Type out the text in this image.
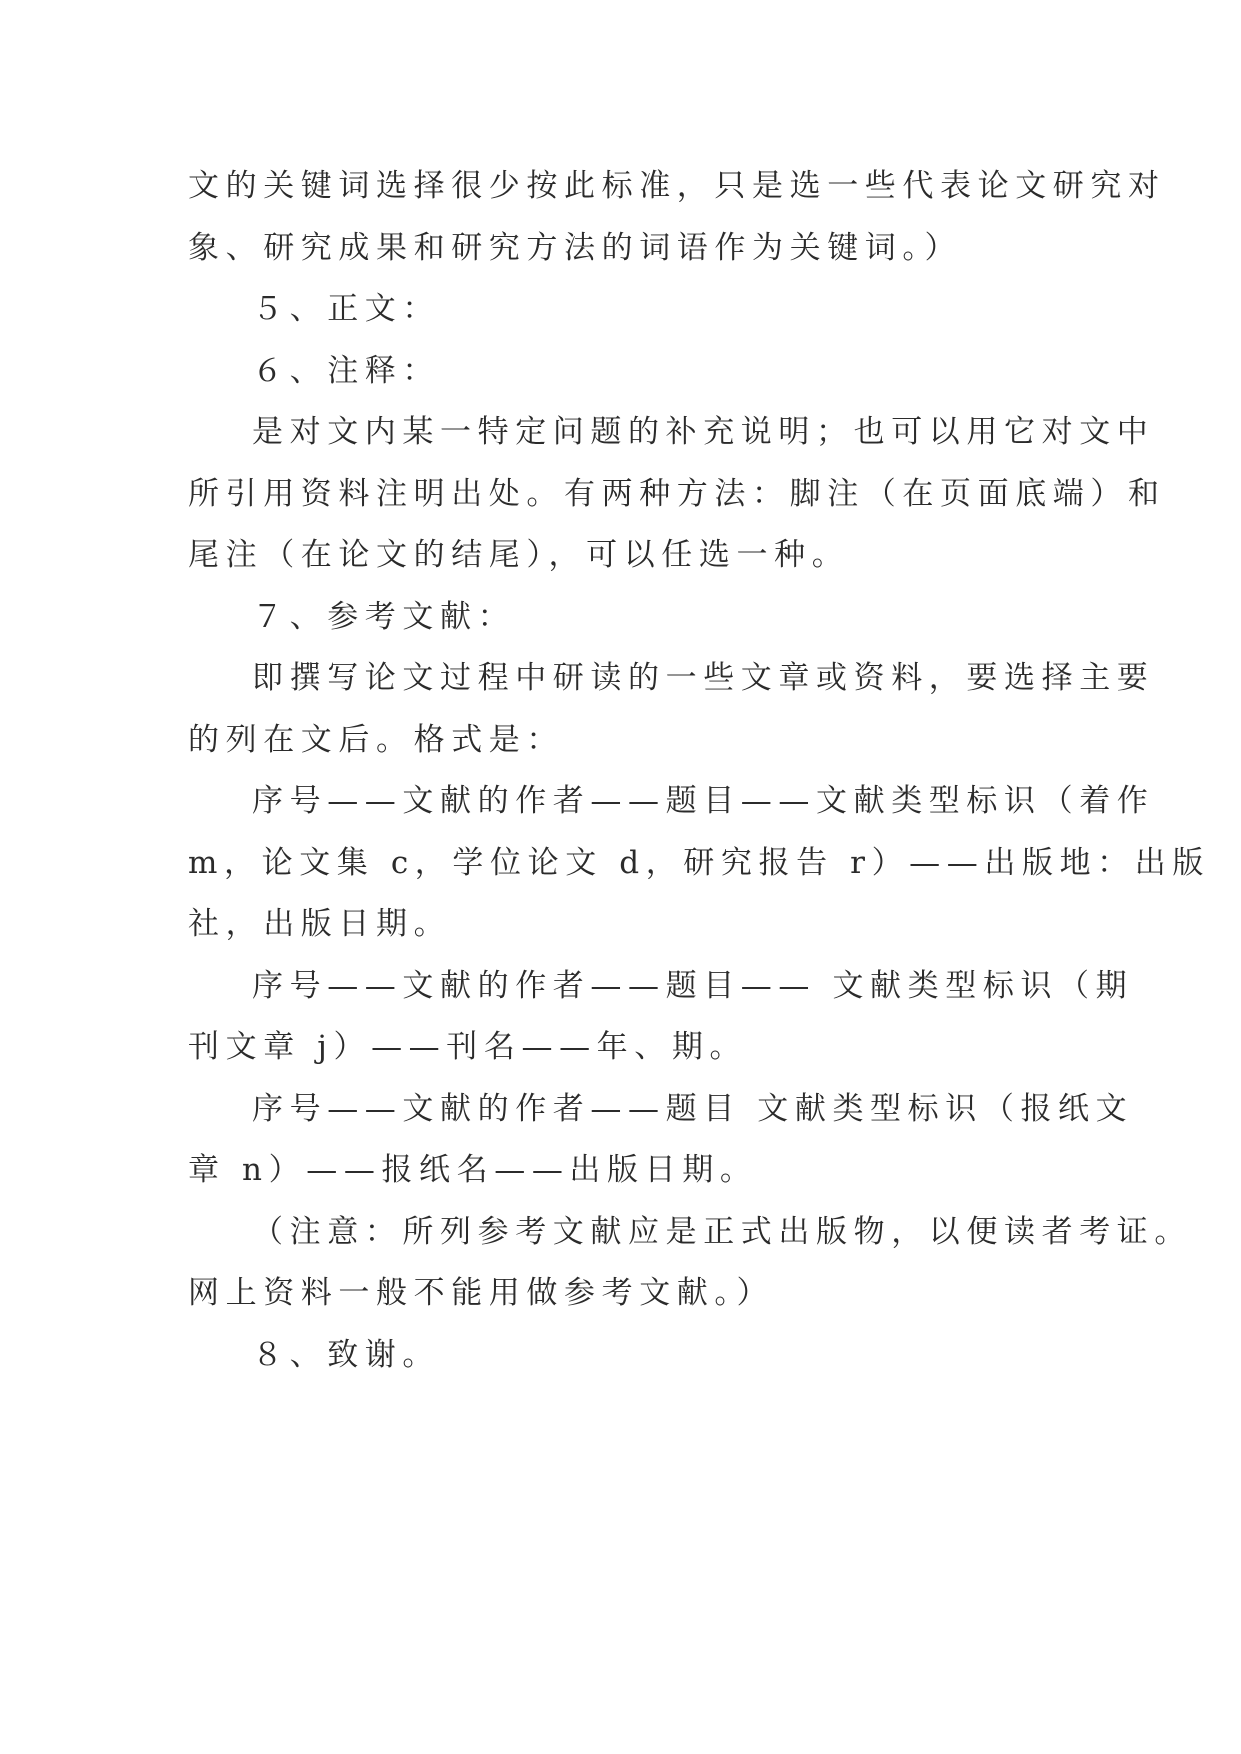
文的关键词选择很少按此标准，只是选一些代表论文研究对
象、研究成果和研究方法的词语作为关键词。）
５、正文：
６、注释：
是对文内某一特定问题的补充说明；也可以用它对文中
所引用资料注明出处。有两种方法：脚注（在页面底端）和
尾注（在论文的结尾），可以任选一种。
７、参考文献：
即撰写论文过程中研读的一些文章或资料，要选择主要
的列在文后。格式是：
序号——文献的作者——题目——文献类型标识（着作
m，论文集 c，学位论文 d，研究报告 r）——出版地：出版
社，出版日期。
序号——文献的作者——题目—— 文献类型标识（期
刊文章 j）——刊名——年、期。
序号——文献的作者——题目 文献类型标识（报纸文
章 n）——报纸名——出版日期。
（注意：所列参考文献应是正式出版物，以便读者考证。
网上资料一般不能用做参考文献。）
８、致谢。
